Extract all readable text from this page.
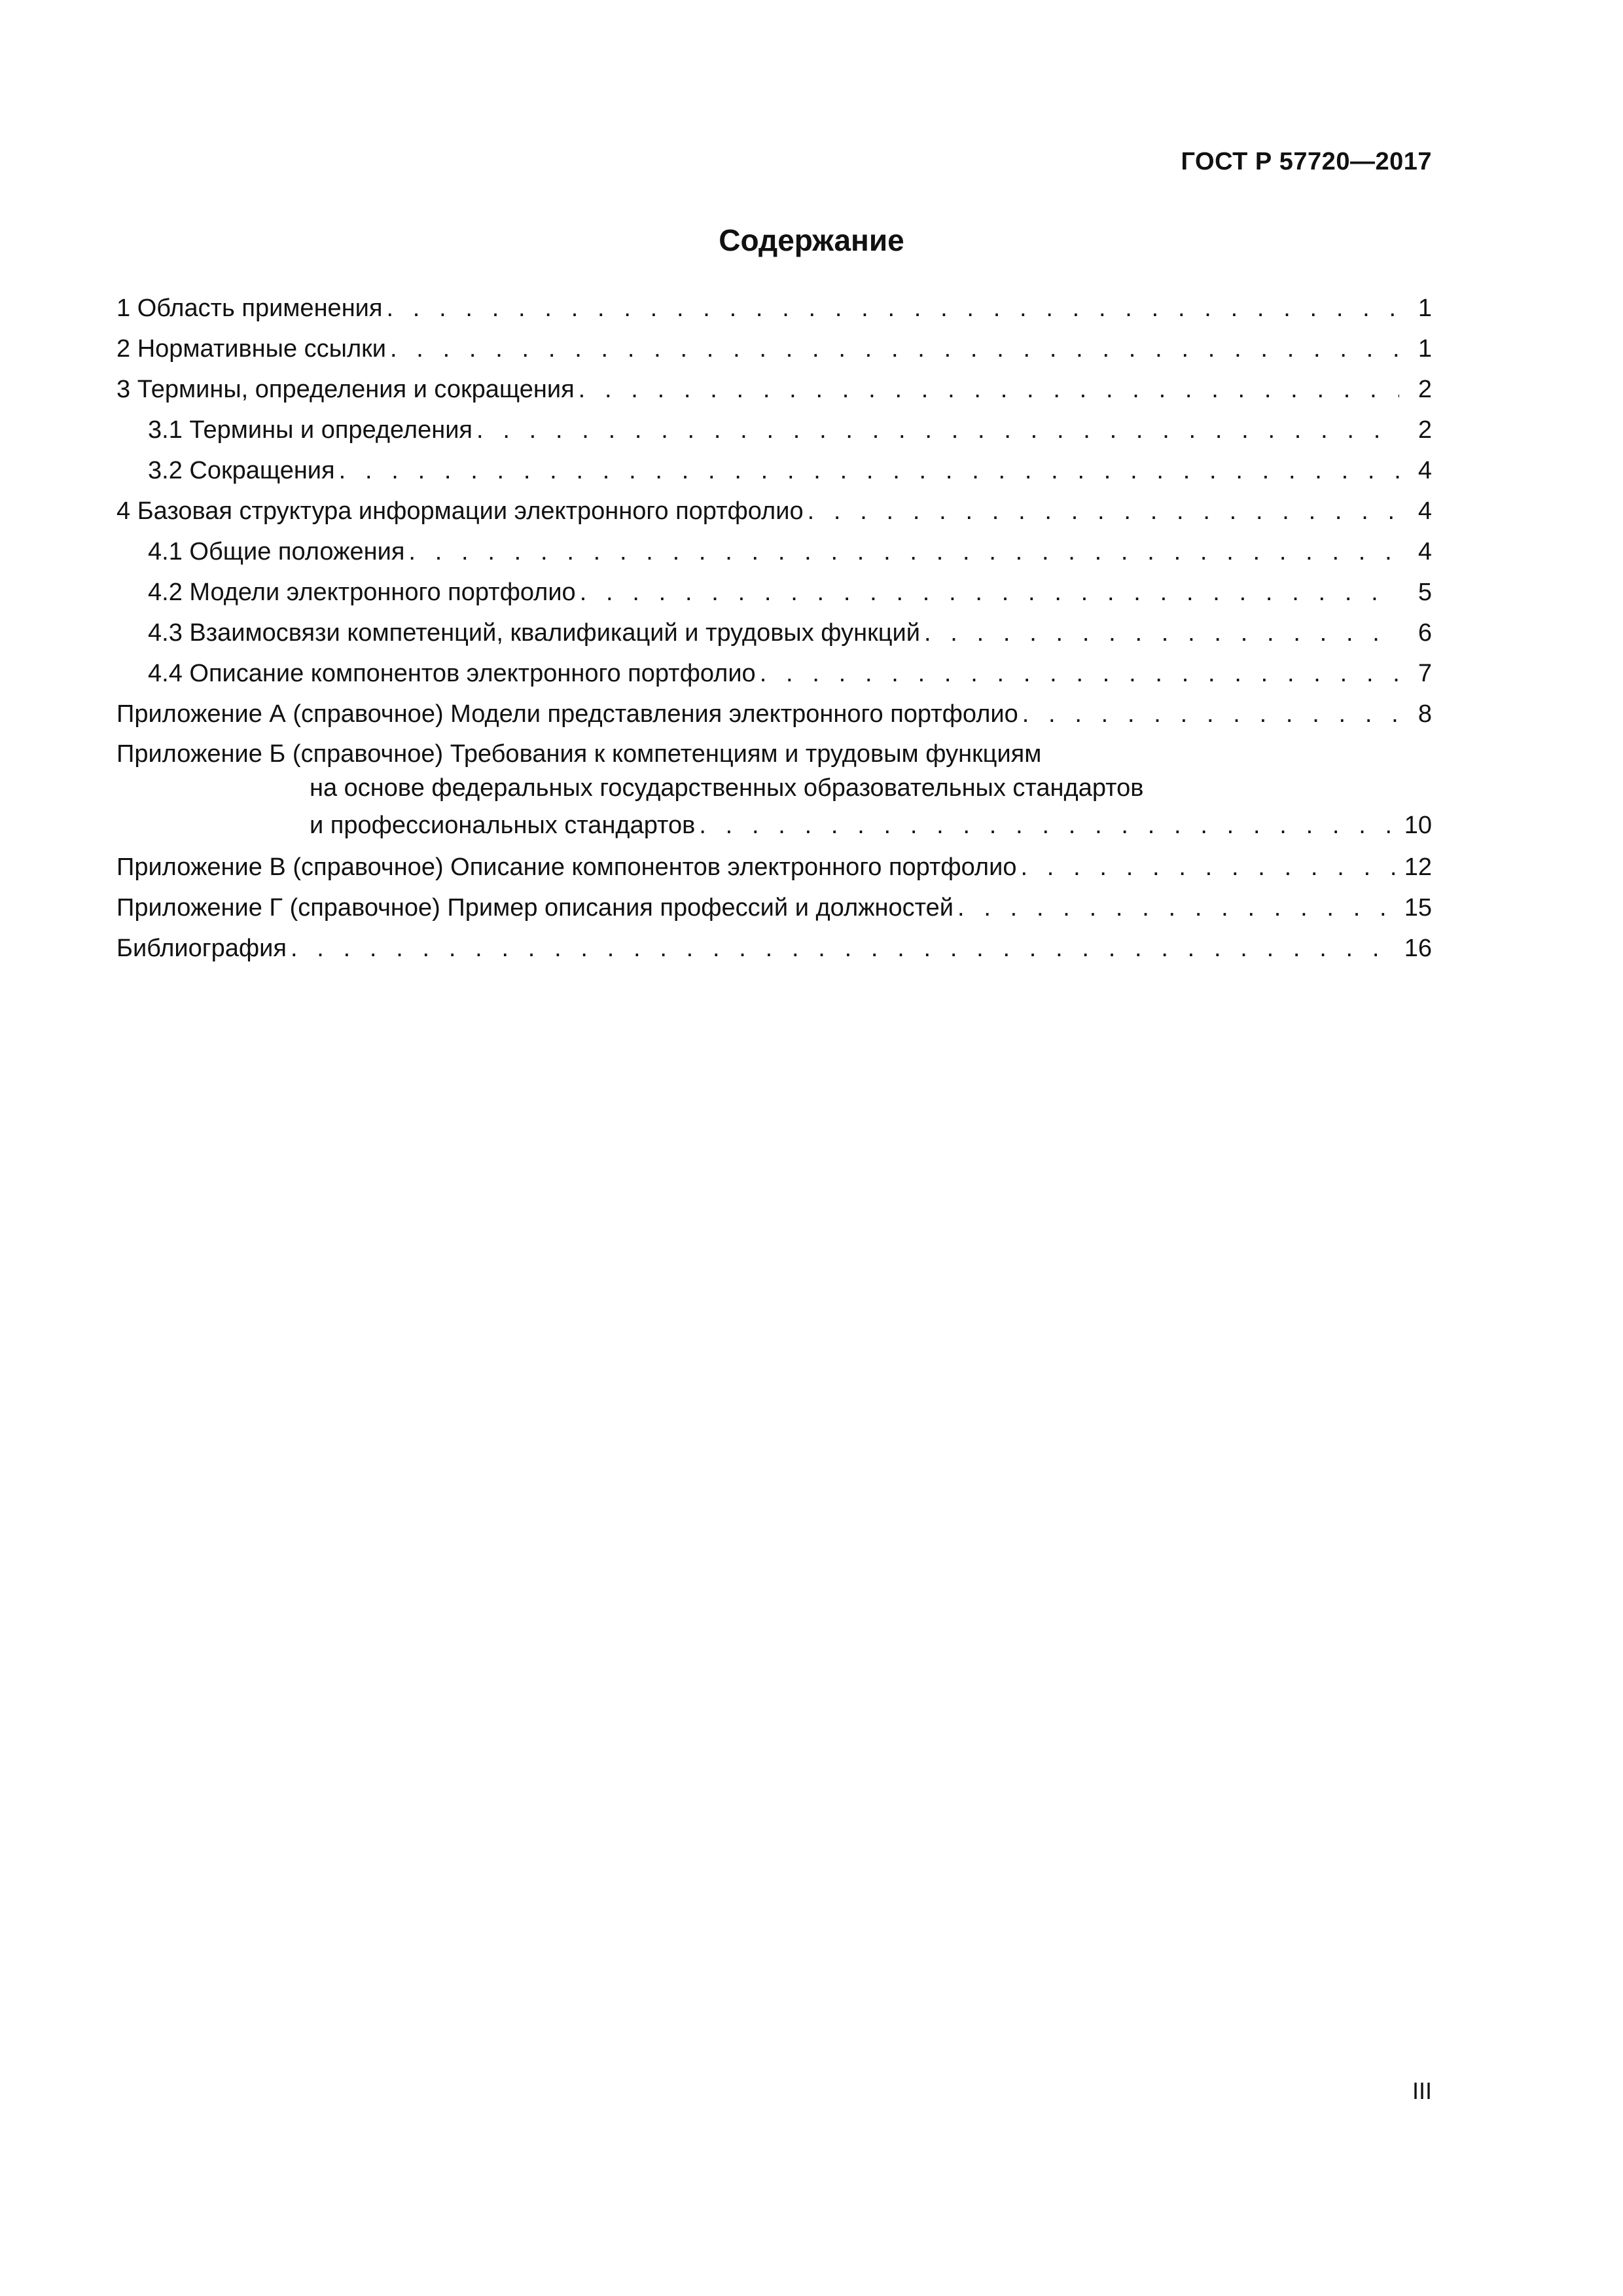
ГОСТ Р 57720—2017
Содержание
1 Область применения . . .	1
2 Нормативные ссылки . . .	1
3 Термины, определения и сокращения . . .	2
3.1 Термины и определения . . .	2
3.2 Сокращения . . .	4
4 Базовая структура информации электронного портфолио . . .	4
4.1 Общие положения . . .	4
4.2 Модели электронного портфолио . . .	5
4.3 Взаимосвязи компетенций, квалификаций и трудовых функций . . .	6
4.4 Описание компонентов электронного портфолио . . .	7
Приложение А (справочное) Модели представления электронного портфолио . . .	8
Приложение Б (справочное) Требования к компетенциям и трудовым функциям
на основе федеральных государственных образовательных стандартов
и профессиональных стандартов . . .	10
Приложение В (справочное) Описание компонентов электронного портфолио . . .	12
Приложение Г (справочное) Пример описания профессий и должностей . . .	15
Библиография . . .	16
III
